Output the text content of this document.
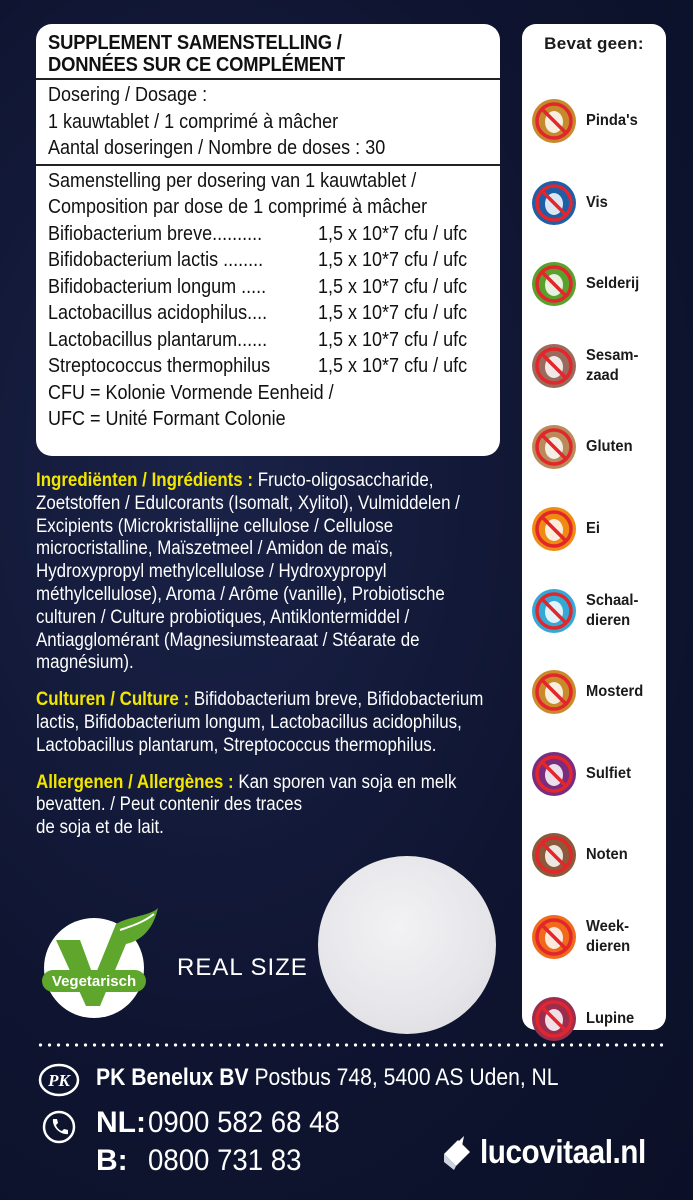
SUPPLEMENT SAMENSTELLING /
DONNÉES SUR CE COMPLÉMENT
Dosering / Dosage :
1 kauwtablet / 1 comprimé à mâcher
Aantal doseringen / Nombre de doses : 30
Samenstelling per dosering van 1 kauwtablet /
Composition par dose de 1 comprimé à mâcher
Bifiobacterium breve..........	1,5 x 10*7 cfu / ufc
Bifidobacterium lactis ........	1,5 x 10*7 cfu / ufc
Bifidobacterium longum .....	1,5 x 10*7 cfu / ufc
Lactobacillus acidophilus....	1,5 x 10*7 cfu / ufc
Lactobacillus plantarum......	1,5 x 10*7 cfu / ufc
Streptococcus thermophilus	1,5 x 10*7 cfu / ufc
CFU = Kolonie Vormende Eenheid /
UFC = Unité Formant Colonie
Ingrediënten / Ingrédients : Fructo-oligosaccharide, Zoetstoffen / Edulcorants (Isomalt, Xylitol), Vulmiddelen / Excipients (Microkristallijne cellulose / Cellulose microcristalline, Maïszetmeel / Amidon de maïs, Hydroxypropyl methylcellulose / Hydroxypropyl méthylcellulose), Aroma / Arôme (vanille), Probiotische culturen / Culture probiotiques, Antiklontermiddel / Antiagglomérant (Magnesiumstearaat / Stéarate de magnésium).
Culturen / Culture : Bifidobacterium breve, Bifidobacterium lactis, Bifidobacterium longum, Lactobacillus acidophilus, Lactobacillus plantarum, Streptococcus thermophilus.
Allergenen / Allergènes : Kan sporen van soja en melk
bevatten. / Peut contenir des traces
de soja et de lait.
Vegetarisch
REAL SIZE
Bevat geen:
Pinda's
Vis
Selderij
Sesam-
zaad
Gluten
Ei
Schaal-
dieren
Mosterd
Sulfiet
Noten
Week-
dieren
Lupine
PK PK Benelux BV Postbus 748, 5400 AS Uden, NL
NL:0900 582 68 48
B: 0800 731 83	lucovitaal.nl
